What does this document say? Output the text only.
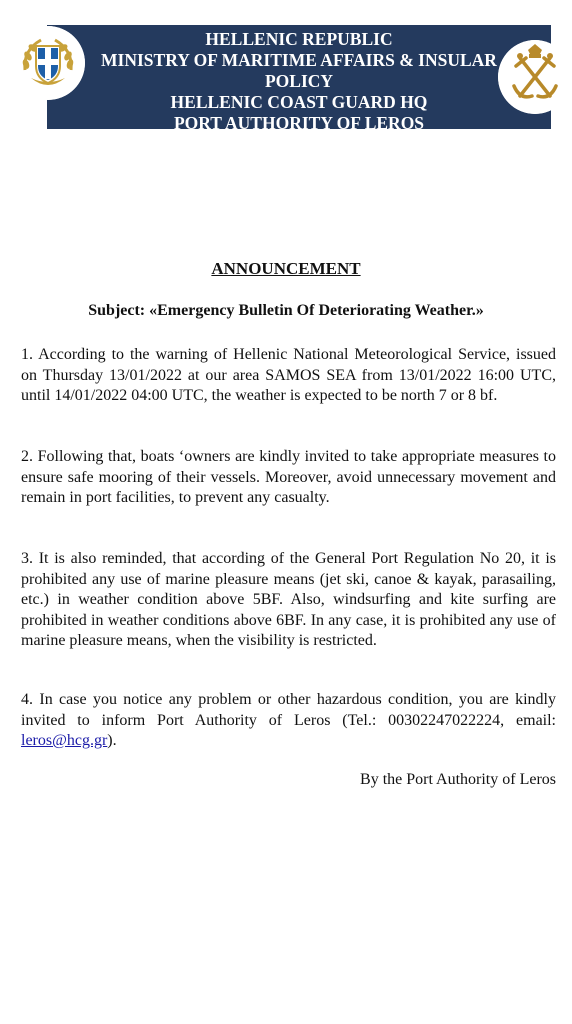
HELLENIC REPUBLIC
MINISTRY OF MARITIME AFFAIRS & INSULAR
POLICY
HELLENIC COAST GUARD HQ
PORT AUTHORITY OF LEROS
ANNOUNCEMENT
Subject: «Emergency Bulletin Of Deteriorating Weather.»
1. According to the warning of Hellenic National Meteorological Service, issued on Thursday 13/01/2022 at our area SAMOS SEA from 13/01/2022 16:00 UTC, until 14/01/2022 04:00 UTC, the weather is expected to be north 7 or 8 bf.
2. Following that, boats ‘owners are kindly invited to take appropriate measures to ensure safe mooring of their vessels. Moreover, avoid unnecessary movement and remain in port facilities, to prevent any casualty.
3. It is also reminded, that according of the General Port Regulation No 20, it is prohibited any use of marine pleasure means (jet ski, canoe & kayak, parasailing, etc.) in weather condition above 5BF. Also, windsurfing and kite surfing are prohibited in weather conditions above 6BF. In any case, it is prohibited any use of marine pleasure means, when the visibility is restricted.
4. In case you notice any problem or other hazardous condition, you are kindly invited to inform Port Authority of Leros (Tel.: 00302247022224, email: leros@hcg.gr).
By the Port Authority of Leros
